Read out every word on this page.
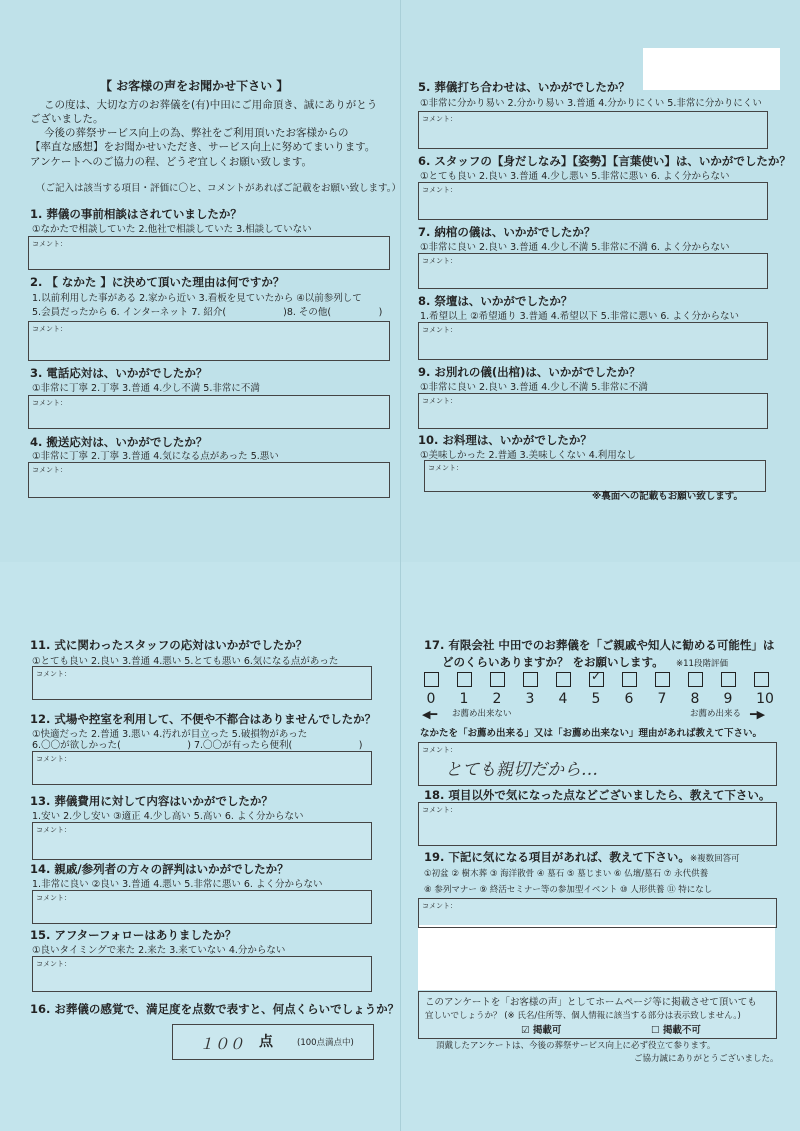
【 お客様の声をお聞かせ下さい 】
この度は、大切な方のお葬儀を(有)中田にご用命頂き、誠にありがとう
ございました。
今後の葬祭サービス向上の為、弊社をご利用頂いたお客様からの
【率直な感想】をお聞かせいただき、サービス向上に努めてまいります。
アンケートへのご協力の程、どうぞ宜しくお願い致します。
（ご記入は該当する項目・評価に〇と、コメントがあればご記載をお願い致します。）
1. 葬儀の事前相談はされていましたか？
①なかたで相談していた 2.他社で相談していた 3.相談していない
コメント：
2. 【 なかた 】に決めて頂いた理由は何ですか？
1.以前利用した事がある 2.家から近い 3.看板を見ていたから ④以前参列して
5.会員だったから 6. インターネット 7. 紹介(　　　　　　)8. その他(　　　　　)
コメント：
3. 電話応対は、いかがでしたか？
①非常に丁寧 2.丁寧 3.普通 4.少し不満 5.非常に不満
コメント：
4. 搬送応対は、いかがでしたか？
①非常に丁寧 2.丁寧 3.普通 4.気になる点があった 5.悪い
コメント：
5. 葬儀打ち合わせは、いかがでしたか？
①非常に分かり易い 2.分かり易い 3.普通 4.分かりにくい 5.非常に分かりにくい
コメント：
6. スタッフの【身だしなみ】【姿勢】【言葉使い】は、いかがでしたか？
①とても良い 2.良い 3.普通 4.少し悪い 5.非常に悪い 6. よく分からない
コメント：
7. 納棺の儀は、いかがでしたか？
①非常に良い 2.良い 3.普通 4.少し不満 5.非常に不満 6. よく分からない
コメント：
8. 祭壇は、いかがでしたか？
1.希望以上 ②希望通り 3.普通 4.希望以下 5.非常に悪い 6. よく分からない
コメント：
9. お別れの儀(出棺)は、いかがでしたか？
①非常に良い 2.良い 3.普通 4.少し不満 5.非常に不満
コメント：
10. お料理は、いかがでしたか？
①美味しかった 2.普通 3.美味しくない 4.利用なし
コメント：
※裏面への記載もお願い致します。
11. 式に関わったスタッフの応対はいかがでしたか？
①とても良い 2.良い 3.普通 4.悪い 5.とても悪い 6.気になる点があった
コメント：
12. 式場や控室を利用して、不便や不都合はありませんでしたか？
①快適だった 2.普通 3.悪い 4.汚れが目立った 5.破損物があった
6.〇〇が欲しかった(　　　　　　　) 7.〇〇が有ったら便利(　　　　　　　)
コメント：
13. 葬儀費用に対して内容はいかがでしたか？
1.安い 2.少し安い ③適正 4.少し高い 5.高い 6. よく分からない
コメント：
14. 親戚/参列者の方々の評判はいかがでしたか？
1.非常に良い ②良い 3.普通 4.悪い 5.非常に悪い 6. よく分からない
コメント：
15. アフターフォローはありましたか？
①良いタイミングで来た 2.来た 3.来ていない 4.分からない
コメント：
16. お葬儀の感覚で、満足度を点数で表すと、何点くらいでしょうか？
１００ 点	(100点満点中)
17. 有限会社 中田でのお葬儀を「ご親戚や知人に勧める可能性」は
どのくらいありますか？ をお願いします。 ※11段階評価
✓
0 1 2 3 4 5 6 7 8 9 10
◀━ お薦め出来ない	お薦め出来る ━▶
なかたを「お薦め出来る」又は「お薦め出来ない」理由があれば教えて下さい。
コメント：
とても親切だから…
18. 項目以外で気になった点などございましたら、教えて下さい。
コメント：
19. 下記に気になる項目があれば、教えて下さい。 ※複数回答可
①初盆 ② 樹木葬 ③ 海洋散骨 ④ 墓石 ⑤ 墓じまい ⑥ 仏壇/墓石 ⑦ 永代供養
⑧ 参列マナー ⑨ 終活セミナー等の参加型イベント ⑩ 人形供養 ⑪ 特になし
コメント：
このアンケートを「お客様の声」としてホームページ等に掲載させて頂いても
宜しいでしょうか？ (※ 氏名/住所等、個人情報に該当する部分は表示致しません。)
☑ 掲載可	☐ 掲載不可
頂戴したアンケートは、今後の葬祭サービス向上に必ず役立て参ります。
ご協力誠にありがとうございました。
